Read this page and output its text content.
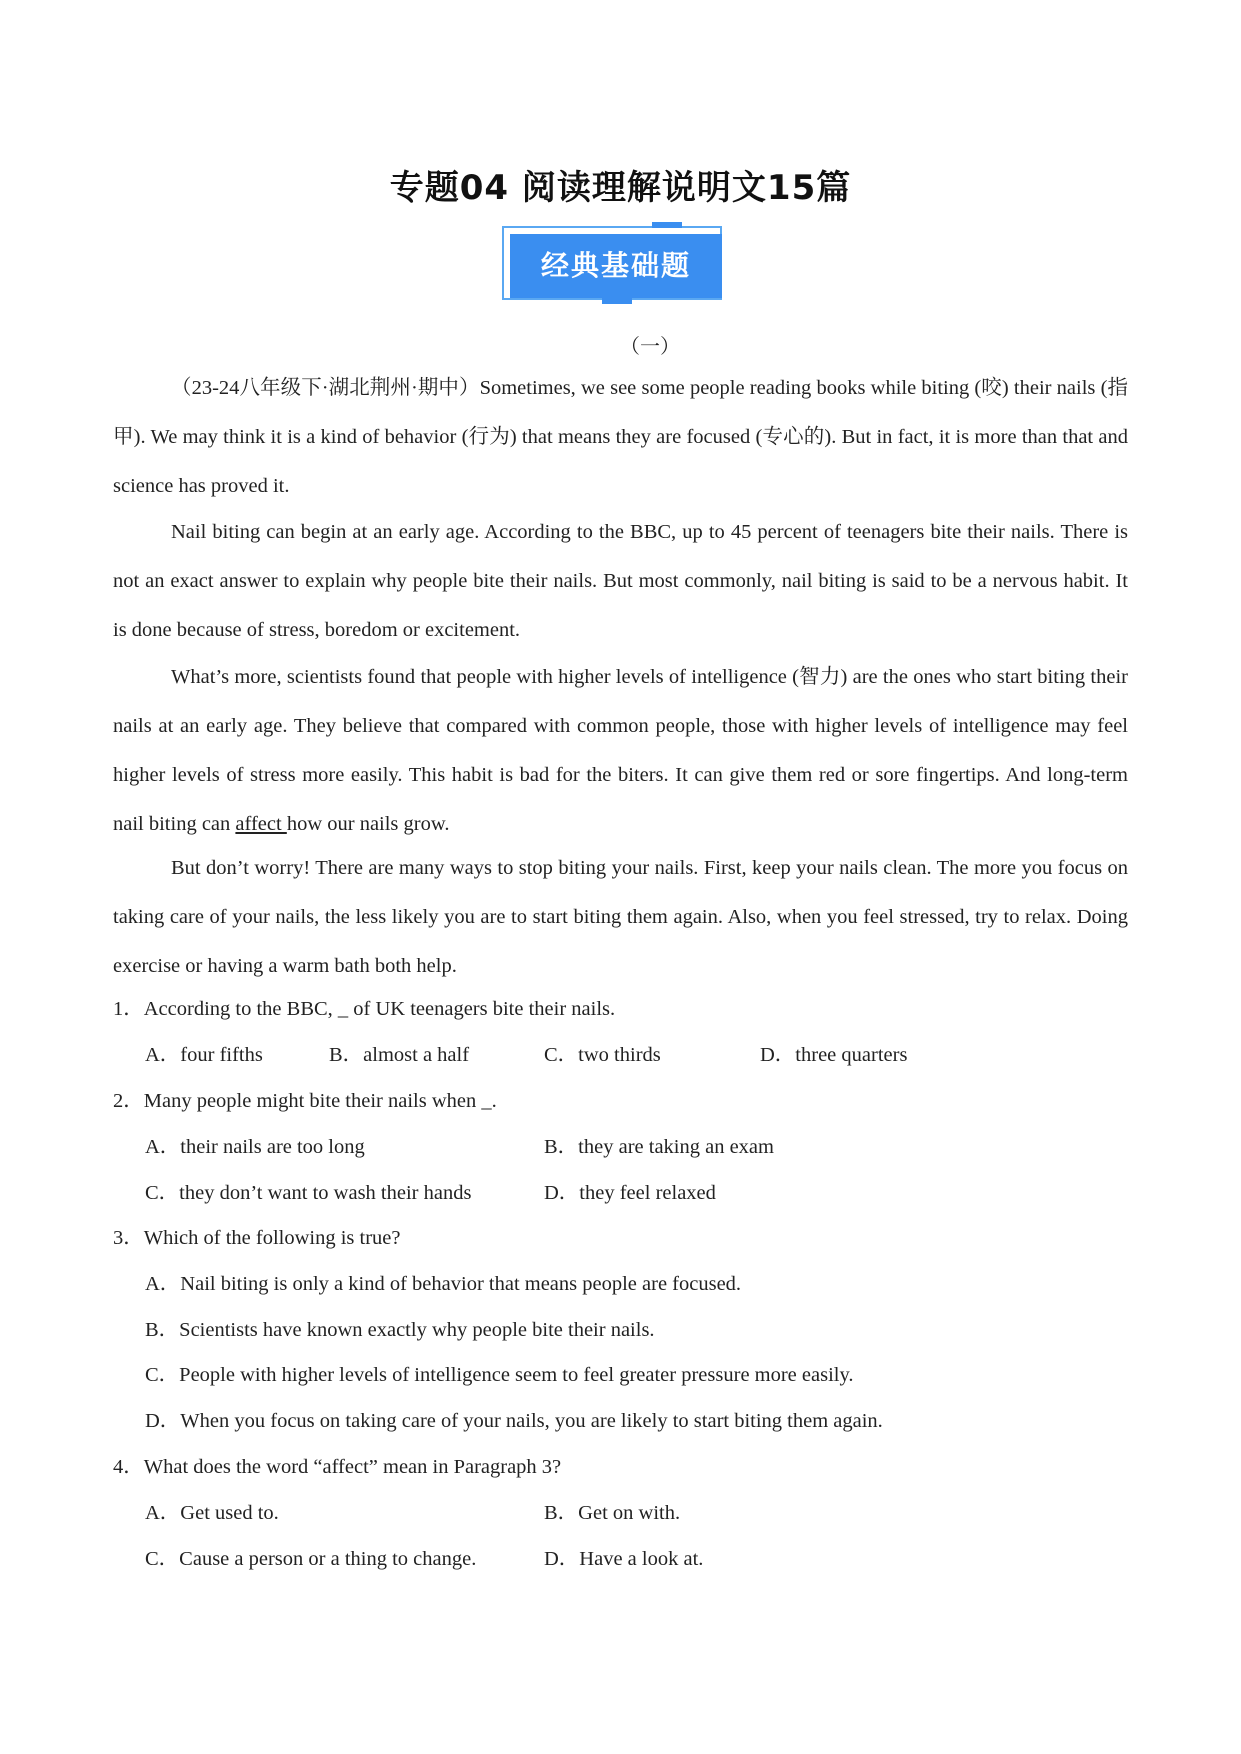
专题04 阅读理解说明文15篇
经典基础题
（一）
（23-24八年级下·湖北荆州·期中）Sometimes, we see some people reading books while biting (咬) their nails (指甲). We may think it is a kind of behavior (行为) that means they are focused (专心的). But in fact, it is more than that and science has proved it.
Nail biting can begin at an early age. According to the BBC, up to 45 percent of teenagers bite their nails. There is not an exact answer to explain why people bite their nails. But most commonly, nail biting is said to be a nervous habit. It is done because of stress, boredom or excitement.
What’s more, scientists found that people with higher levels of intelligence (智力) are the ones who start biting their nails at an early age. They believe that compared with common people, those with higher levels of intelligence may feel higher levels of stress more easily. This habit is bad for the biters. It can give them red or sore fingertips. And long-term nail biting can affect how our nails grow.
But don’t worry! There are many ways to stop biting your nails. First, keep your nails clean. The more you focus on taking care of your nails, the less likely you are to start biting them again. Also, when you feel stressed, try to relax. Doing exercise or having a warm bath both help.
1．According to the BBC, _ of UK teenagers bite their nails.
A．four fifths	B．almost a half	C．two thirds	D．three quarters
2．Many people might bite their nails when _.
A．their nails are too long	B．they are taking an exam
C．they don’t want to wash their hands	D．they feel relaxed
3．Which of the following is true?
A．Nail biting is only a kind of behavior that means people are focused.
B．Scientists have known exactly why people bite their nails.
C．People with higher levels of intelligence seem to feel greater pressure more easily.
D．When you focus on taking care of your nails, you are likely to start biting them again.
4．What does the word “affect” mean in Paragraph 3?
A．Get used to.	B．Get on with.
C．Cause a person or a thing to change.	D．Have a look at.
